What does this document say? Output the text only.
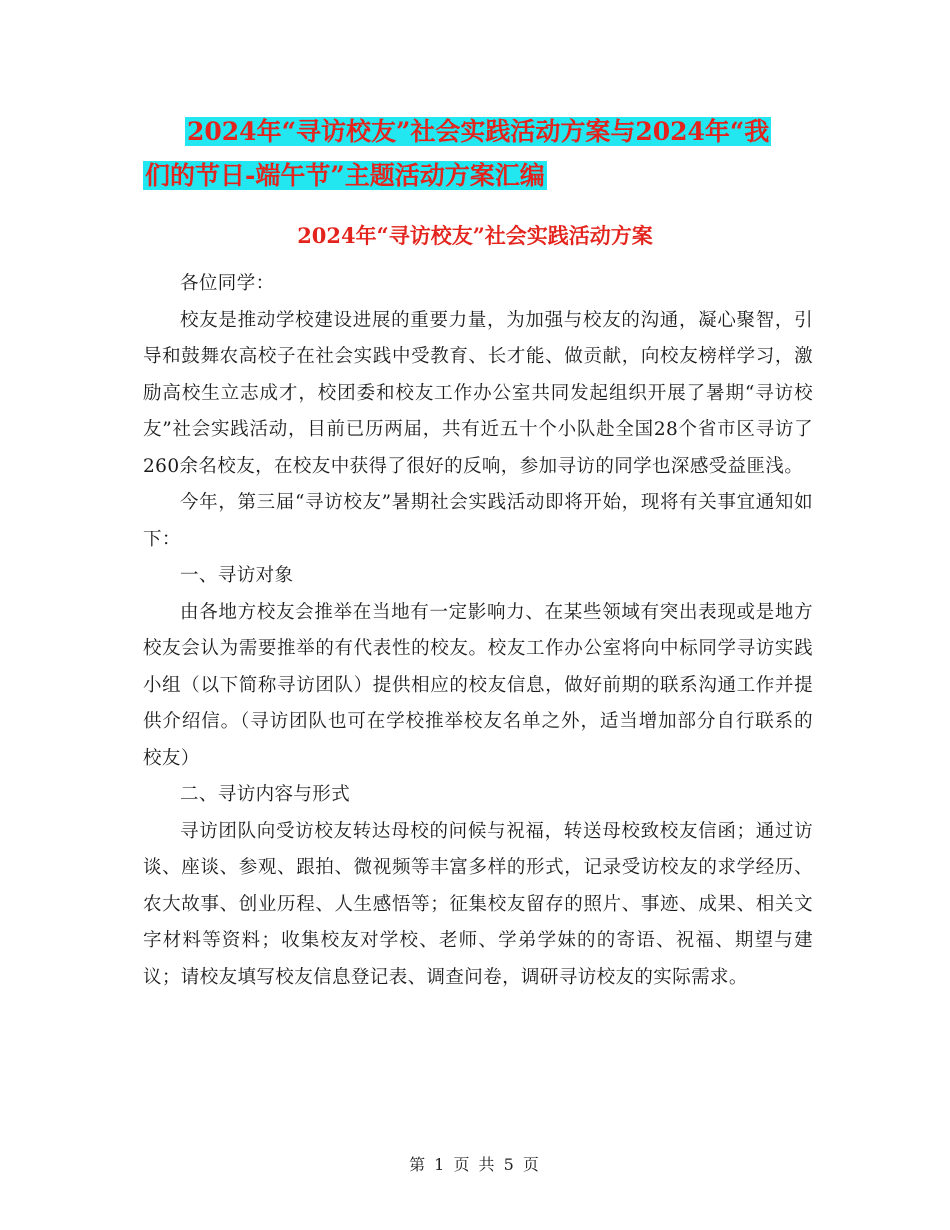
2024年“寻访校友”社会实践活动方案与2024年“我
们的节日-端午节”主题活动方案汇编
2024年“寻访校友”社会实践活动方案

各位同学：

校友是推动学校建设进展的重要力量，为加强与校友的沟通，凝心聚智，引导和鼓舞农高校子在社会实践中受教育、长才能、做贡献，向校友榜样学习，激励高校生立志成才，校团委和校友工作办公室共同发起组织开展了暑期“寻访校友”社会实践活动，目前已历两届，共有近五十个小队赴全国28个省市区寻访了260余名校友，在校友中获得了很好的反响，参加寻访的同学也深感受益匪浅。

今年，第三届“寻访校友”暑期社会实践活动即将开始，现将有关事宜通知如下：

一、寻访对象

由各地方校友会推举在当地有一定影响力、在某些领域有突出表现或是地方校友会认为需要推举的有代表性的校友。校友工作办公室将向中标同学寻访实践小组（以下简称寻访团队）提供相应的校友信息，做好前期的联系沟通工作并提供介绍信。（寻访团队也可在学校推举校友名单之外，适当增加部分自行联系的校友）

二、寻访内容与形式

寻访团队向受访校友转达母校的问候与祝福，转送母校致校友信函；通过访谈、座谈、参观、跟拍、微视频等丰富多样的形式，记录受访校友的求学经历、农大故事、创业历程、人生感悟等；征集校友留存的照片、事迹、成果、相关文字材料等资料；收集校友对学校、老师、学弟学妹的的寄语、祝福、期望与建议；请校友填写校友信息登记表、调查问卷，调研寻访校友的实际需求。

第 1 页 共 5 页
